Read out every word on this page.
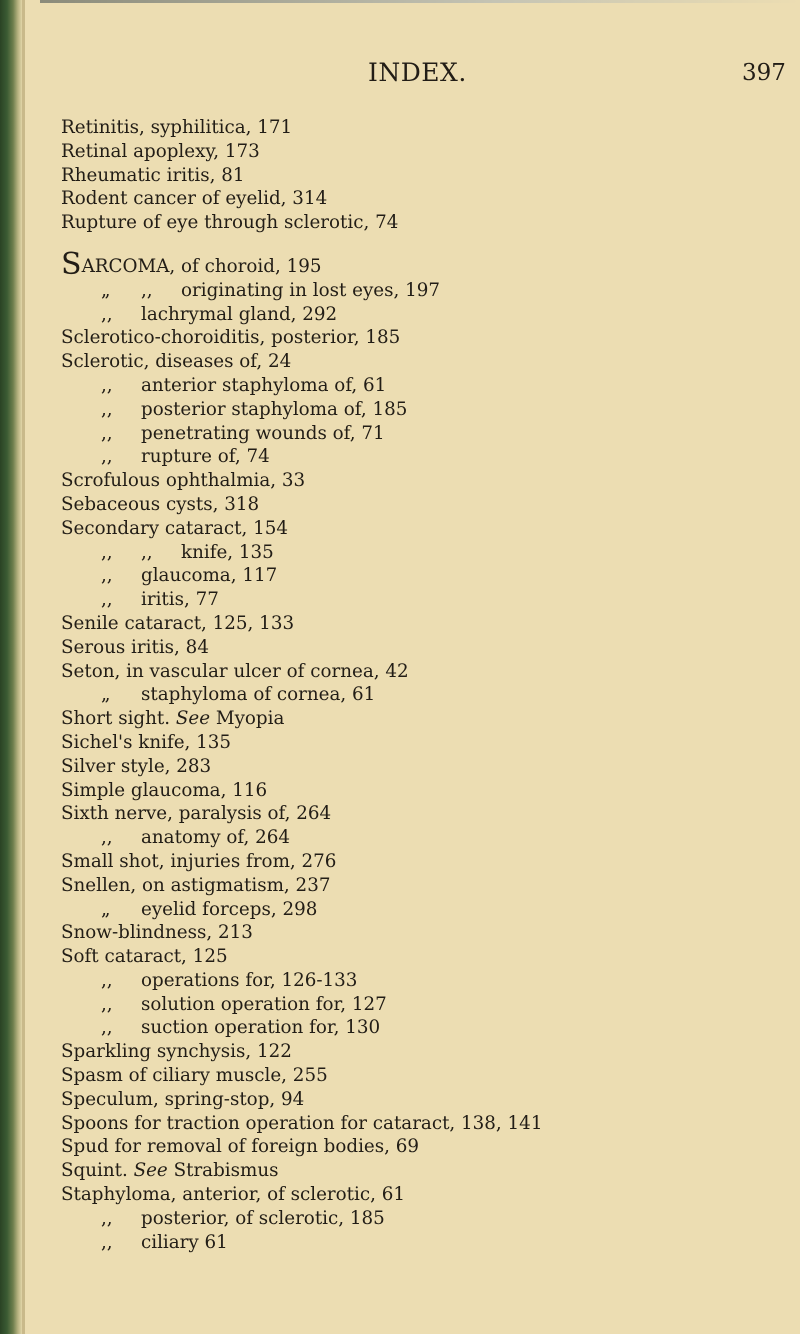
INDEX.	397
Retinitis, syphilitica, 171
Retinal apoplexy, 173
Rheumatic iritis, 81
Rodent cancer of eyelid, 314
Rupture of eye through sclerotic, 74
SARCOMA, of choroid, 195
„ ,, originating in lost eyes, 197
,, lachrymal gland, 292
Sclerotico-choroiditis, posterior, 185
Sclerotic, diseases of, 24
,, anterior staphyloma of, 61
,, posterior staphyloma of, 185
,, penetrating wounds of, 71
,, rupture of, 74
Scrofulous ophthalmia, 33
Sebaceous cysts, 318
Secondary cataract, 154
,, ,, knife, 135
,, glaucoma, 117
,, iritis, 77
Senile cataract, 125, 133
Serous iritis, 84
Seton, in vascular ulcer of cornea, 42
„ staphyloma of cornea, 61
Short sight. See Myopia
Sichel's knife, 135
Silver style, 283
Simple glaucoma, 116
Sixth nerve, paralysis of, 264
,, anatomy of, 264
Small shot, injuries from, 276
Snellen, on astigmatism, 237
„ eyelid forceps, 298
Snow-blindness, 213
Soft cataract, 125
,, operations for, 126-133
,, solution operation for, 127
,, suction operation for, 130
Sparkling synchysis, 122
Spasm of ciliary muscle, 255
Speculum, spring-stop, 94
Spoons for traction operation for cataract, 138, 141
Spud for removal of foreign bodies, 69
Squint. See Strabismus
Staphyloma, anterior, of sclerotic, 61
,, posterior, of sclerotic, 185
,, ciliary 61
